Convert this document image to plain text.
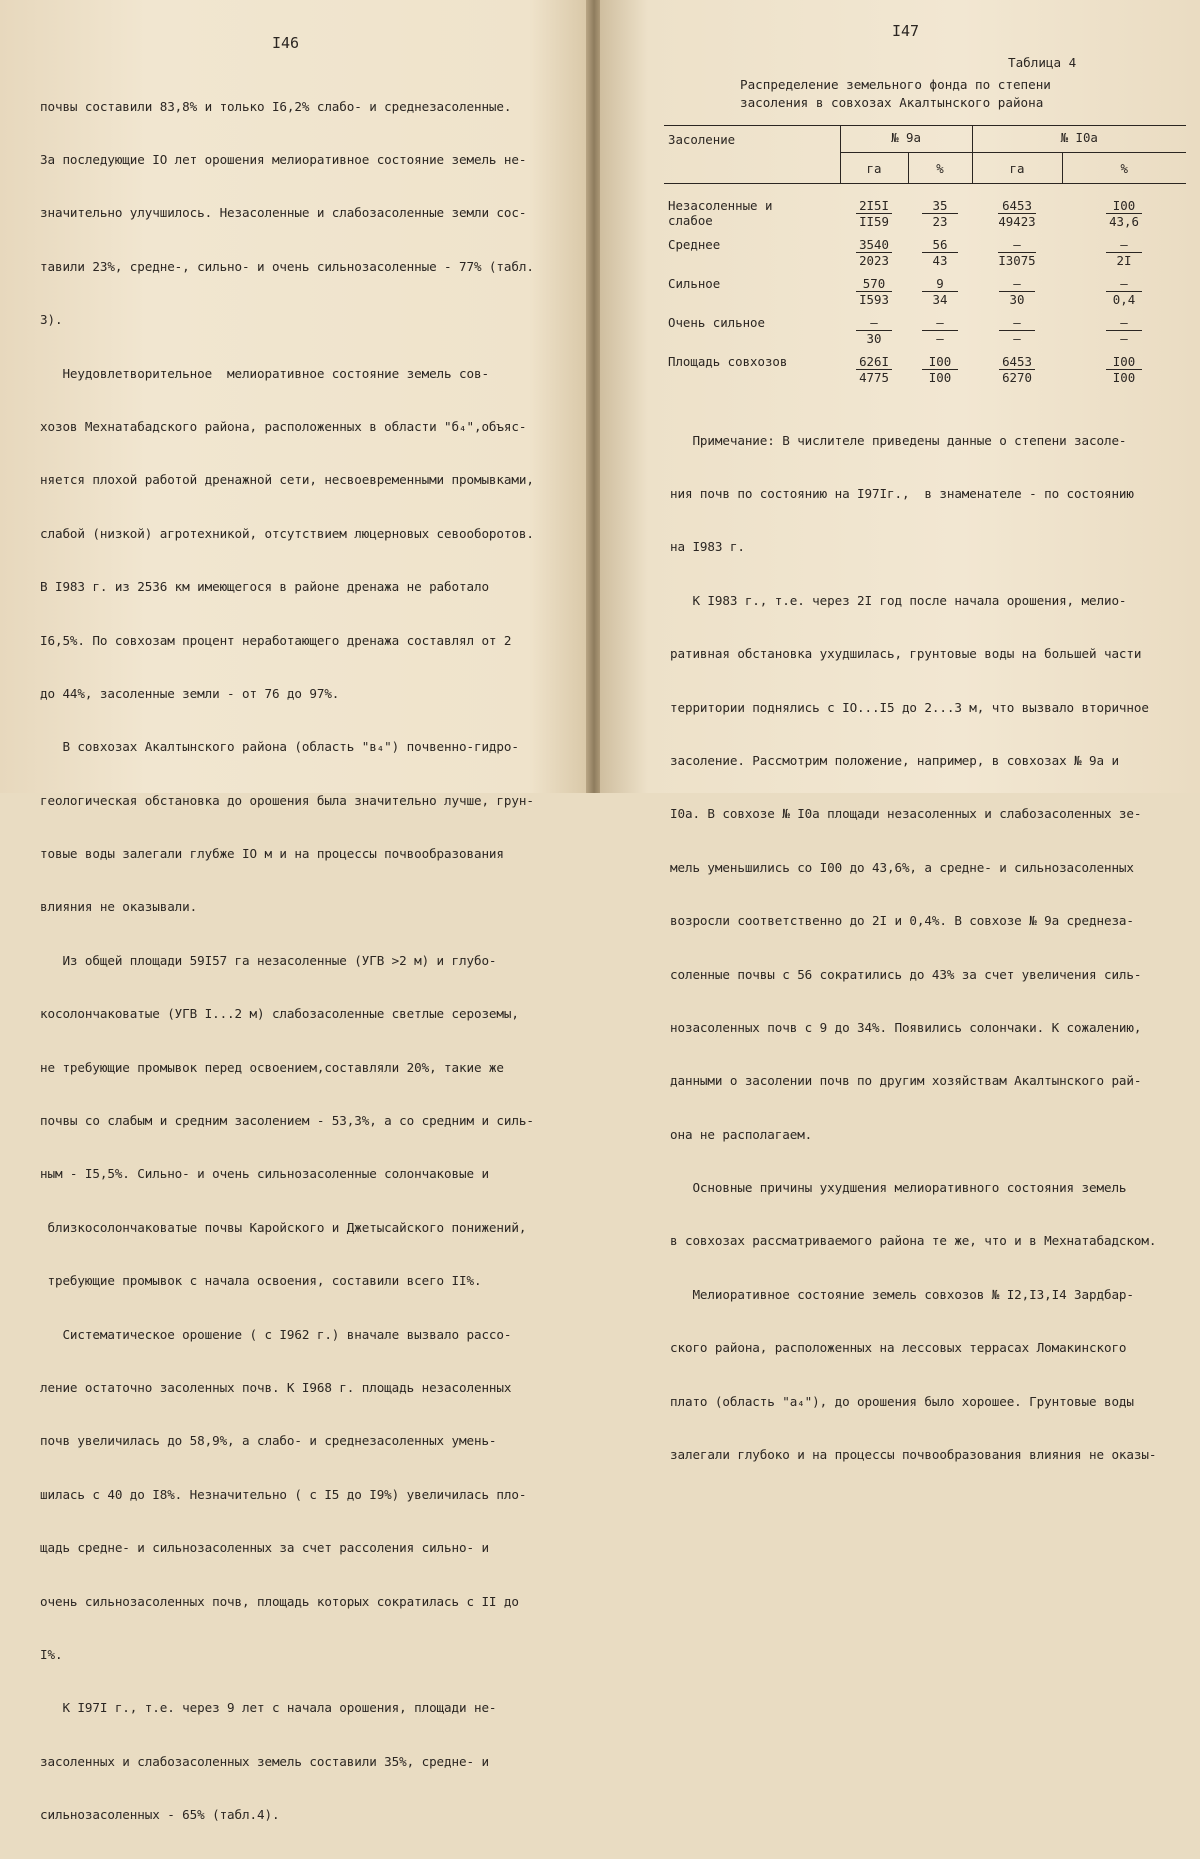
I46

почвы составили 83,8% и только I6,2% слабо- и среднезасоленные.

За последующие IO лет орошения мелиоративное состояние земель не-

значительно улучшилось. Незасоленные и слабозасоленные земли сос-

тавили 23%, средне-, сильно- и очень сильнозасоленные - 77% (табл.

3).

Неудовлетворительное  мелиоративное состояние земель сов-

хозов Мехнатабадского района, расположенных в области "б₄",объяс-

няется плохой работой дренажной сети, несвоевременными промывками,

слабой (низкой) агротехникой, отсутствием люцерновых севооборотов.

В I983 г. из 2536 км имеющегося в районе дренажа не работало

I6,5%. По совхозам процент неработающего дренажа составлял от 2

до 44%, засоленные земли - от 76 до 97%.

В совхозах Акалтынского района (область "в₄") почвенно-гидро-

геологическая обстановка до орошения была значительно лучше, грун-

товые воды залегали глубже IO м и на процессы почвообразования

влияния не оказывали.

Из общей площади 59I57 га незасоленные (УГВ >2 м) и глубо-

косолончаковатые (УГВ I...2 м) слабозасоленные светлые сероземы,

не требующие промывок перед освоением,составляли 20%, такие же

почвы со слабым и средним засолением - 53,3%, а со средним и силь-

ным - I5,5%. Сильно- и очень сильнозасоленные солончаковые и

близкосолончаковатые почвы Каройского и Джетысайского понижений,

требующие промывок с начала освоения, составили всего II%.

Систематическое орошение ( с I962 г.) вначале вызвало рассо-

ление остаточно засоленных почв. К I968 г. площадь незасоленных

почв увеличилась до 58,9%, а слабо- и среднезасоленных умень-

шилась с 40 до I8%. Незначительно ( с I5 до I9%) увеличилась пло-

щадь средне- и сильнозасоленных за счет рассоления сильно- и

очень сильнозасоленных почв, площадь которых сократилась с II до

I%.

К I97I г., т.е. через 9 лет с начала орошения, площади не-

засоленных и слабозасоленных земель составили 35%, средне- и

сильнозасоленных - 65% (табл.4).

I47
Таблица 4
Распределение земельного фонда по степени
засоления в совхозах Акалтынского района
Засоление	№ 9а		№ I0а	
	га	%	га	%
Незасоленные и
слабое	$\frac{2I5I}{II59}$	$\frac{35}{23}$	$\frac{6453}{49423}$	$\frac{I00}{43,6}$

Среднее	$\frac{3540}{2023}$	$\frac{56}{43}$	$\frac{-}{I3075}$	$\frac{-}{2I}$

Сильное	$\frac{570}{I593}$	$\frac{9}{34}$	$\frac{-}{30}$	$\frac{-}{0,4}$

Очень сильное	$\frac{-}{30}$	$\frac{-}{-}$	$\frac{-}{-}$	$\frac{-}{-}$

Площадь совхозов	$\frac{626I}{4775}$	$\frac{I00}{I00}$	$\frac{6453}{6270}$	$\frac{I00}{I00}$

Примечание: В числителе приведены данные о степени засоле-

ния почв по состоянию на I97Iг.,  в знаменателе - по состоянию

на I983 г.

К I983 г., т.е. через 2I год после начала орошения, мелио-

ративная обстановка ухудшилась, грунтовые воды на большей части

территории поднялись с IO...I5 до 2...3 м, что вызвало вторичное

засоление. Рассмотрим положение, например, в совхозах № 9а и

I0а. В совхозе № I0а площади незасоленных и слабозасоленных зе-

мель уменьшились со I00 до 43,6%, а средне- и сильнозасоленных

возросли соответственно до 2I и 0,4%. В совхозе № 9а среднеза-

соленные почвы с 56 сократились до 43% за счет увеличения силь-

нозасоленных почв с 9 до 34%. Появились солончаки. К сожалению,

данными о засолении почв по другим хозяйствам Акалтынского рай-

она не располагаем.

Основные причины ухудшения мелиоративного состояния земель

в совхозах рассматриваемого района те же, что и в Мехнатабадском.

Мелиоративное состояние земель совхозов № I2,I3,I4 Зардбар-

ского района, расположенных на лессовых террасах Ломакинского

плато (область "а₄"), до орошения было хорошее. Грунтовые воды

залегали глубоко и на процессы почвообразования влияния не оказы-
